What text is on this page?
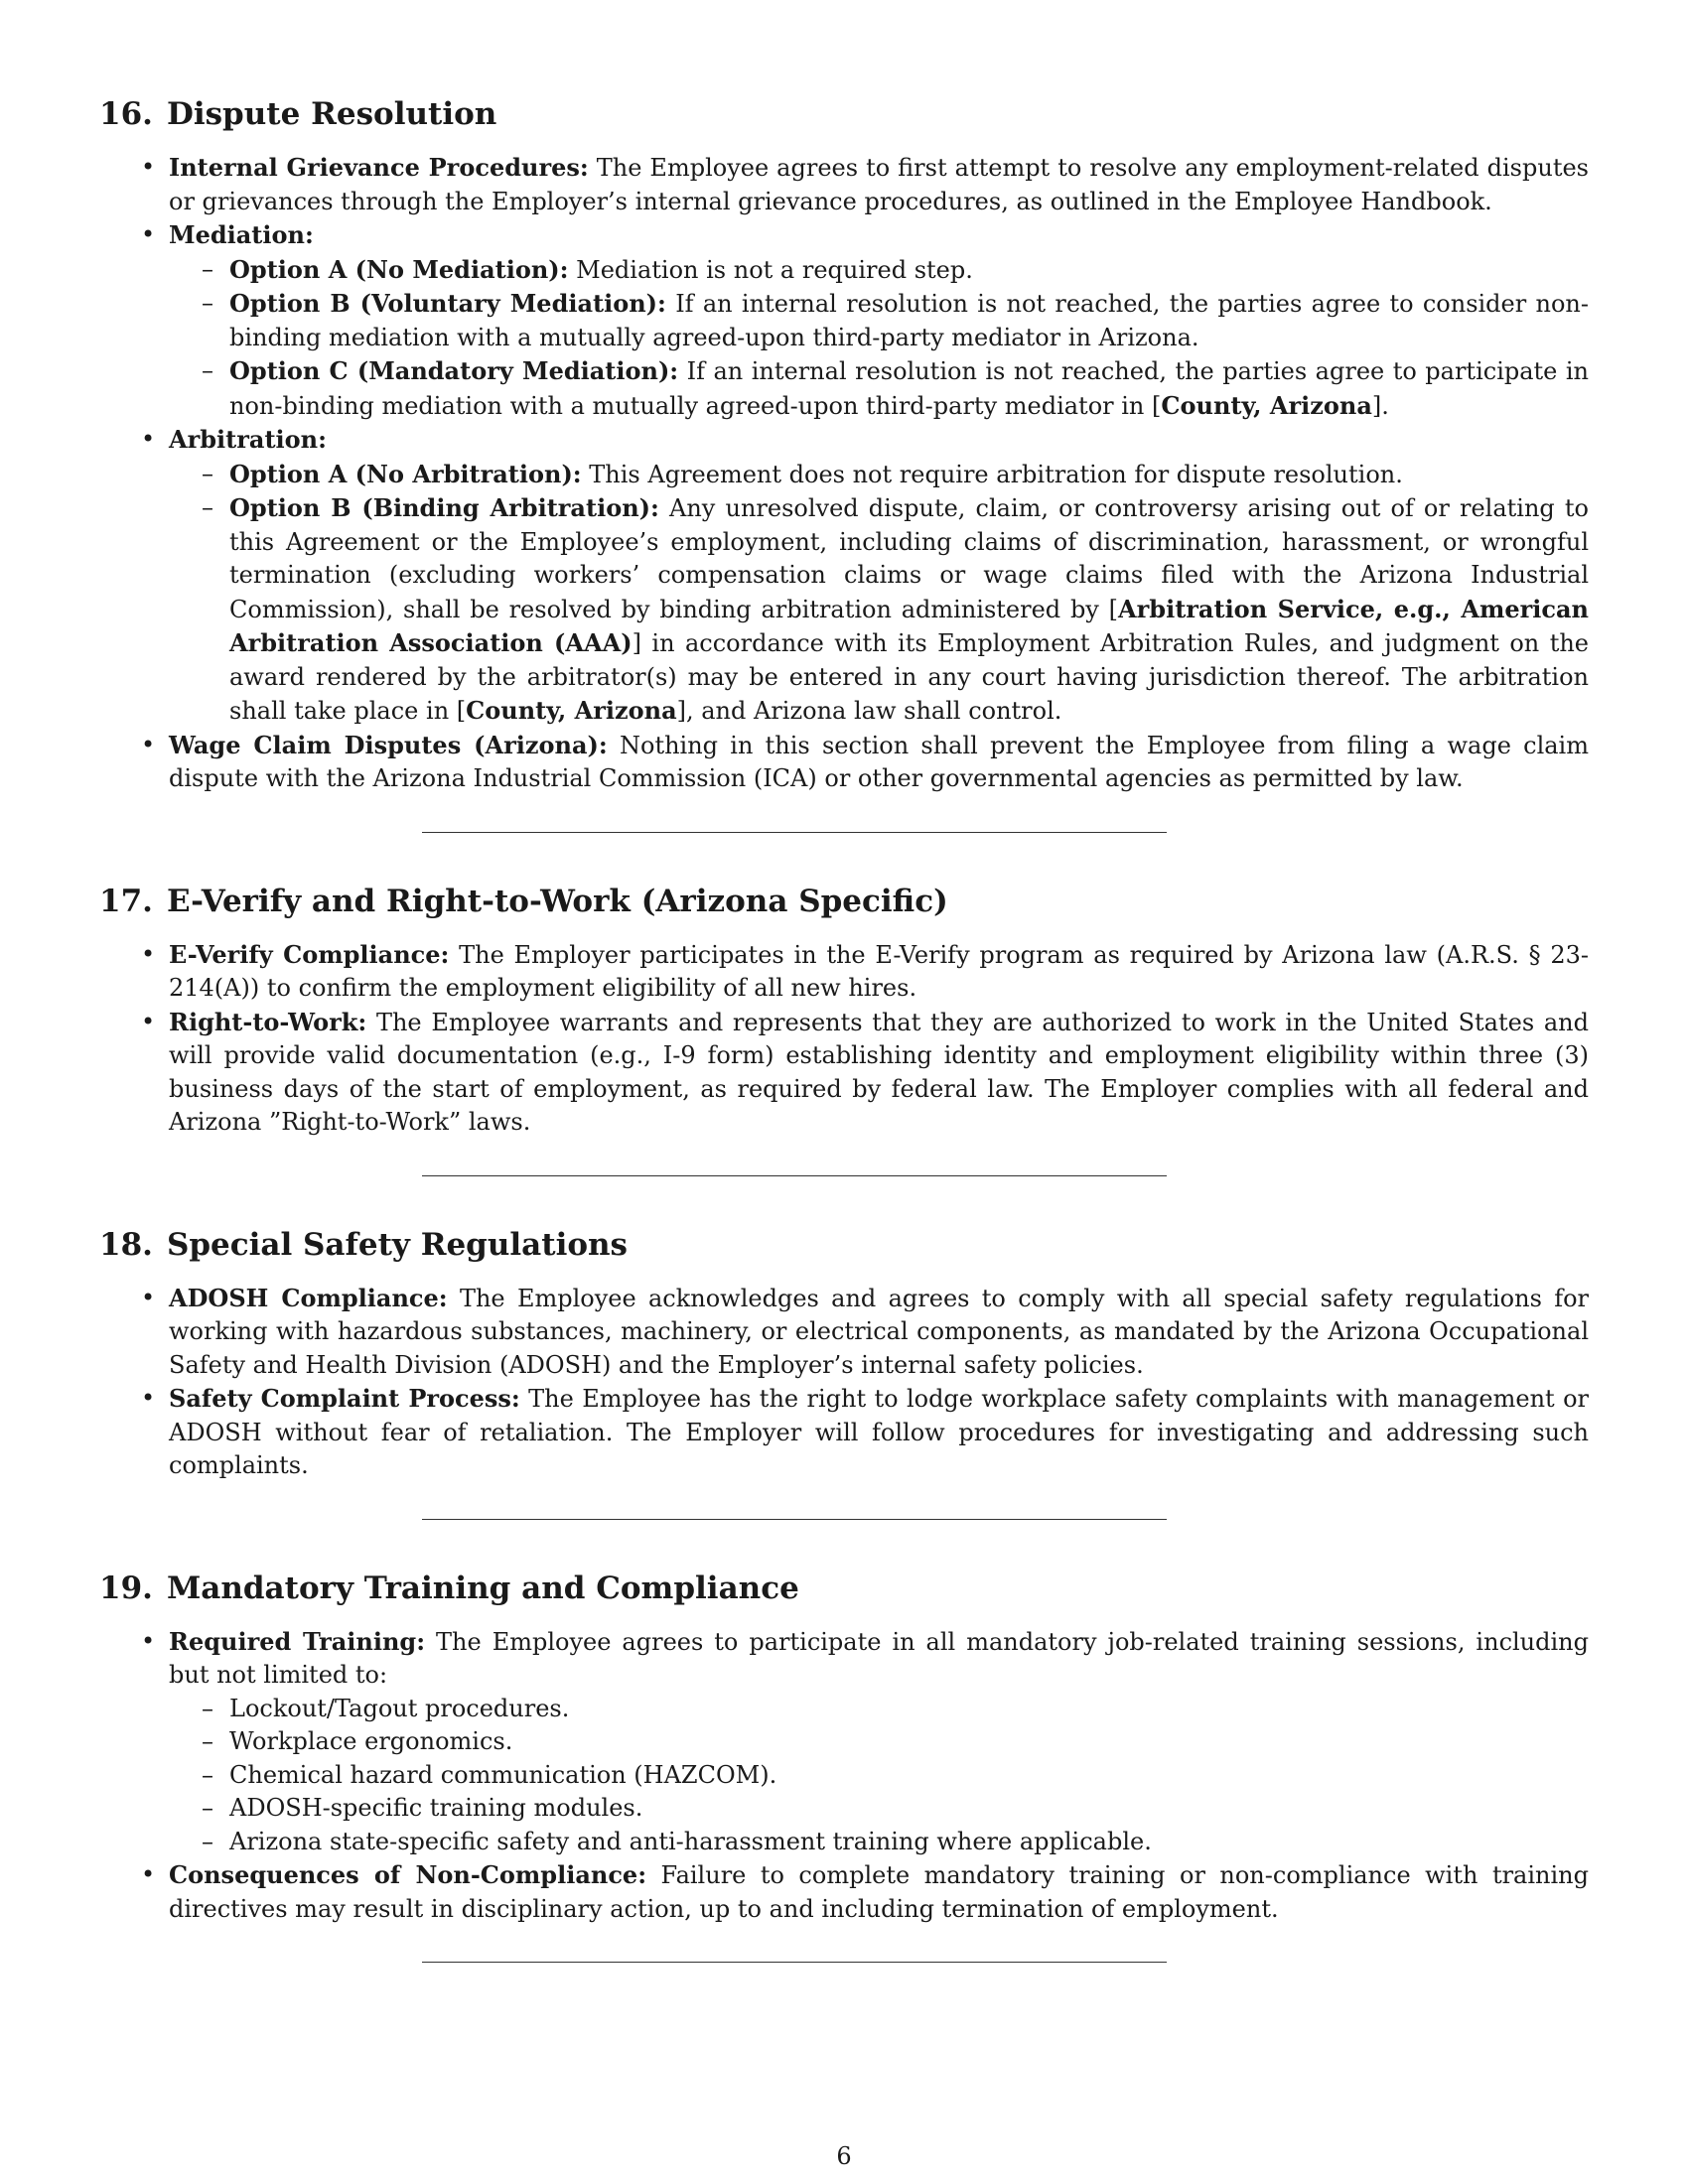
16. Dispute Resolution
• Internal Grievance Procedures: The Employee agrees to first attempt to resolve any employment-related disputes or grievances through the Employer’s internal grievance procedures, as outlined in the Employee Handbook.
• Mediation:
– Option A (No Mediation): Mediation is not a required step.
– Option B (Voluntary Mediation): If an internal resolution is not reached, the parties agree to consider non-binding mediation with a mutually agreed-upon third-party mediator in Arizona.
– Option C (Mandatory Mediation): If an internal resolution is not reached, the parties agree to participate in non-binding mediation with a mutually agreed-upon third-party mediator in [County, Arizona].
• Arbitration:
– Option A (No Arbitration): This Agreement does not require arbitration for dispute resolution.
– Option B (Binding Arbitration): Any unresolved dispute, claim, or controversy arising out of or relating to this Agreement or the Employee’s employment, including claims of discrimination, harassment, or wrongful termination (excluding workers’ compensation claims or wage claims filed with the Arizona Industrial Commission), shall be resolved by binding arbitration administered by [Arbitration Service, e.g., American Arbitration Association (AAA)] in accordance with its Employment Arbitration Rules, and judgment on the award rendered by the arbitrator(s) may be entered in any court having jurisdiction thereof. The arbitration shall take place in [County, Arizona], and Arizona law shall control.
• Wage Claim Disputes (Arizona): Nothing in this section shall prevent the Employee from filing a wage claim dispute with the Arizona Industrial Commission (ICA) or other governmental agencies as permitted by law.
17. E-Verify and Right-to-Work (Arizona Specific)
• E-Verify Compliance: The Employer participates in the E-Verify program as required by Arizona law (A.R.S. § 23-214(A)) to confirm the employment eligibility of all new hires.
• Right-to-Work: The Employee warrants and represents that they are authorized to work in the United States and will provide valid documentation (e.g., I-9 form) establishing identity and employment eligibility within three (3) business days of the start of employment, as required by federal law. The Employer complies with all federal and Arizona ”Right-to-Work” laws.
18. Special Safety Regulations
• ADOSH Compliance: The Employee acknowledges and agrees to comply with all special safety regulations for working with hazardous substances, machinery, or electrical components, as mandated by the Arizona Occupational Safety and Health Division (ADOSH) and the Employer’s internal safety policies.
• Safety Complaint Process: The Employee has the right to lodge workplace safety complaints with management or ADOSH without fear of retaliation. The Employer will follow procedures for investigating and addressing such complaints.
19. Mandatory Training and Compliance
• Required Training: The Employee agrees to participate in all mandatory job-related training sessions, including but not limited to:
– Lockout/Tagout procedures.
– Workplace ergonomics.
– Chemical hazard communication (HAZCOM).
– ADOSH-specific training modules.
– Arizona state-specific safety and anti-harassment training where applicable.
• Consequences of Non-Compliance: Failure to complete mandatory training or non-compliance with training directives may result in disciplinary action, up to and including termination of employment.
6
